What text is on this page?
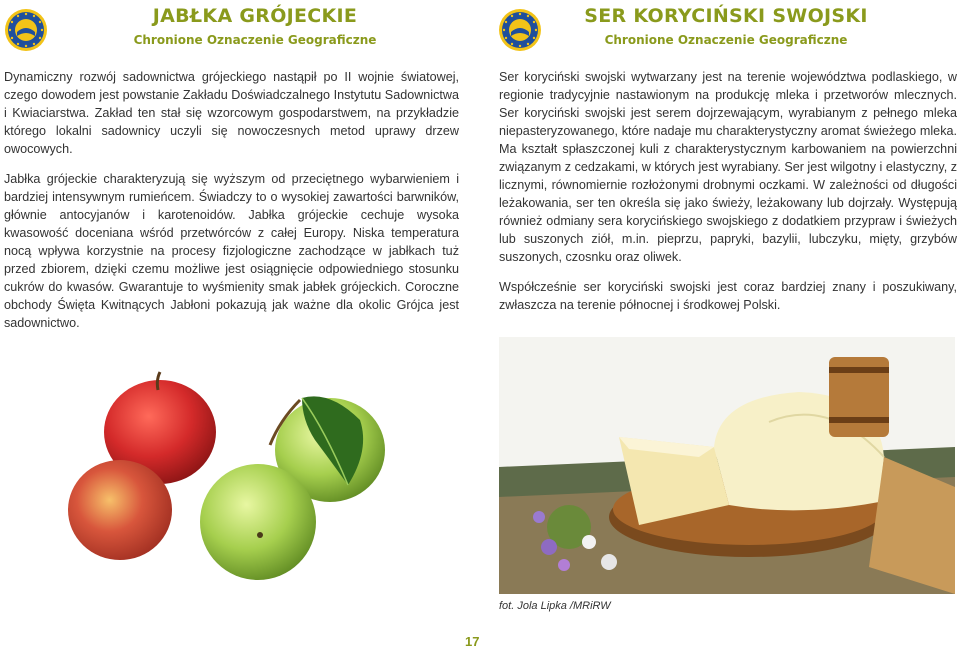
JABŁKA GRÓJECKIE

Chronione Oznaczenie Geograficzne

Dynamiczny rozwój sadownictwa grójeckiego nastąpił po II wojnie światowej, czego dowodem jest powstanie Zakładu Doświadczalnego Instytutu Sadownictwa i Kwiaciarstwa. Zakład ten stał się wzorcowym gospodarstwem, na przykładzie którego lokalni sadownicy uczyli się nowoczesnych metod uprawy drzew owocowych.

Jabłka grójeckie charakteryzują się wyższym od przeciętnego wybarwieniem i bardziej intensywnym rumieńcem. Świadczy to o wysokiej zawartości barwników, głównie antocyjanów i karotenoidów. Jabłka grójeckie cechuje wysoka kwasowość doceniana wśród przetwórców z całej Europy. Niska temperatura nocą wpływa korzystnie na procesy fizjologiczne zachodzące w jabłkach tuż przed zbiorem, dzięki czemu możliwe jest osiągnięcie odpowiedniego stosunku cukrów do kwasów. Gwarantuje to wyśmienity smak jabłek grójeckich. Coroczne obchody Święta Kwitnących Jabłoni pokazują jak ważne dla okolic Grójca jest sadownictwo.

SER KORYCIŃSKI SWOJSKI

Chronione Oznaczenie Geograficzne

Ser koryciński swojski wytwarzany jest na terenie województwa podlaskiego, w regionie tradycyjnie nastawionym na produkcję mleka i przetworów mlecznych. Ser koryciński swojski jest serem dojrzewającym, wyrabianym z pełnego mleka niepasteryzowanego, które nadaje mu charakterystyczny aromat świeżego mleka. Ma kształt spłaszczonej kuli z charakterystycznym karbowaniem na powierzchni związanym z cedzakami, w których jest wyrabiany. Ser jest wilgotny i elastyczny, z licznymi, równomiernie rozłożonymi drobnymi oczkami. W zależności od długości leżakowania, ser ten określa się jako świeży, leżakowany lub dojrzały. Występują również odmiany sera korycińskiego swojskiego z dodatkiem przypraw i świeżych lub suszonych ziół, m.in. pieprzu, papryki, bazylii, lubczyku, mięty, grzybów suszonych, czosnku oraz oliwek.

Współcześnie ser koryciński swojski jest coraz bardziej znany i poszukiwany, zwłaszcza na terenie północnej i środkowej Polski.

fot. Jola Lipka /MRiRW
17
